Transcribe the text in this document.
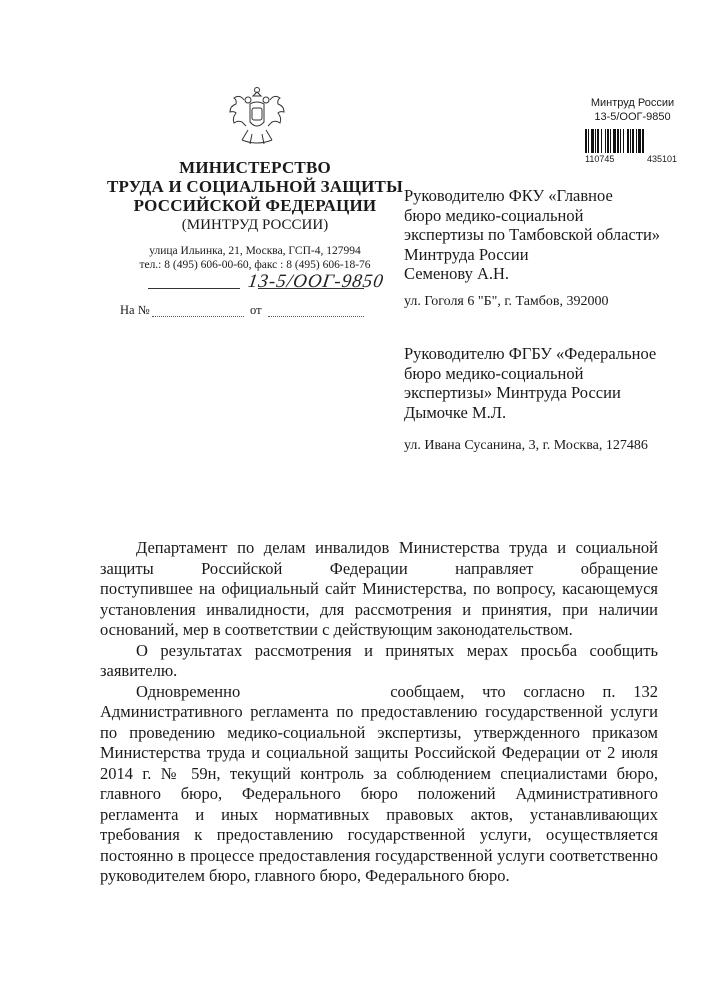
МИНИСТЕРСТВО
ТРУДА И СОЦИАЛЬНОЙ ЗАЩИТЫ
РОССИЙСКОЙ ФЕДЕРАЦИИ
(МИНТРУД РОССИИ)
улица Ильинка, 21, Москва, ГСП-4, 127994
тел.: 8 (495) 606-00-60, факс : 8 (495) 606-18-76
13-5/ООГ-9850
На №	от
Минтруд России
13-5/ООГ-9850
110745	435101
Руководителю ФКУ «Главное
бюро медико-социальной
экспертизы по Тамбовской области»
Минтруда России
Семенову А.Н.
ул. Гоголя 6 "Б", г. Тамбов, 392000
Руководителю ФГБУ «Федеральное
бюро медико-социальной
экспертизы» Минтруда России
Дымочке М.Л.
ул. Ивана Сусанина, 3, г. Москва, 127486

Департамент по делам инвалидов Министерства труда и социальной

защиты Российской Федерации направляет обращение

поступившее на официальный сайт Министерства, по вопросу, касающемуся установления инвалидности, для рассмотрения и принятия, при наличии оснований, мер в соответствии с действующим законодательством.

О результатах рассмотрения и принятых мерах просьба сообщить заявителю.

Одновременно	сообщаем, что согласно п. 132 Административного регламента по предоставлению государственной услуги по проведению медико-социальной экспертизы, утвержденного приказом Министерства труда и социальной защиты Российской Федерации от 2 июля 2014 г. № 59н, текущий контроль за соблюдением специалистами бюро, главного бюро, Федерального бюро положений Административного регламента и иных нормативных правовых актов, устанавливающих требования к предоставлению государственной услуги, осуществляется постоянно в процессе предоставления государственной услуги соответственно руководителем бюро, главного бюро, Федерального бюро.
